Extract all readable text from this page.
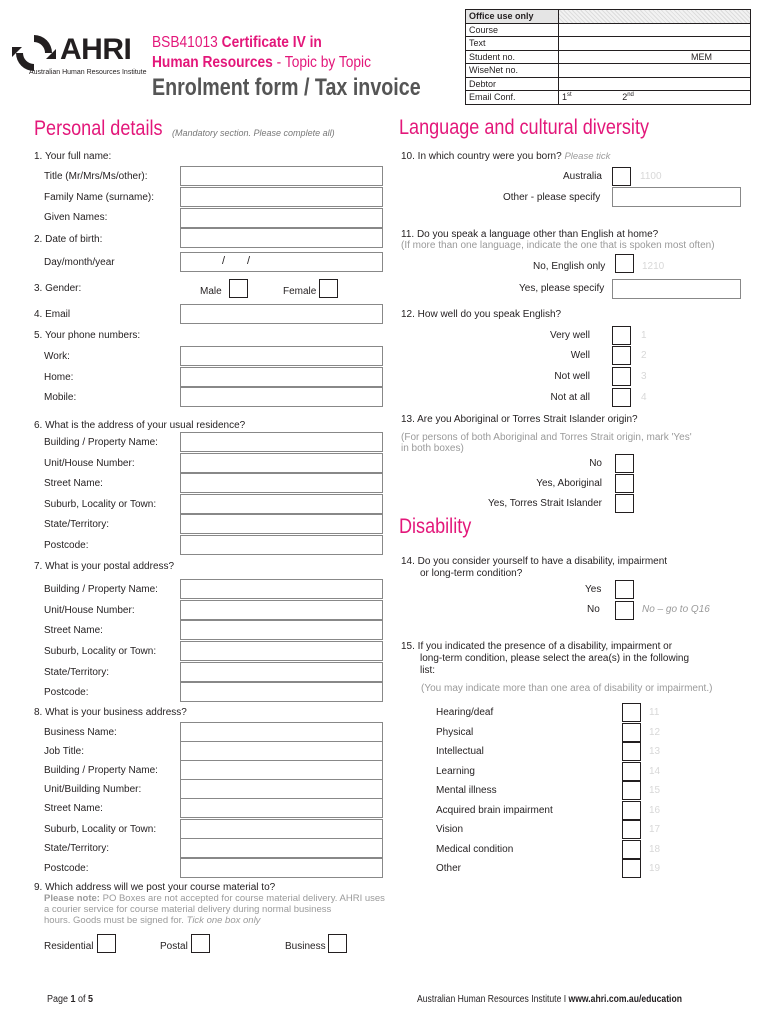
AHRI
Australian Human Resources Institute
BSB41013 Certificate IV in
Human Resources - Topic by Topic
Enrolment form / Tax invoice
Office use only	
Course	
Text	
Student no.	MEM
WiseNet no.	
Debtor	
Email Conf.	1st 2nd
Personal details (Mandatory section. Please complete all)
1. Your full name:
Title (Mr/Mrs/Ms/other):
Family Name (surname):
Given Names:
2. Date of birth:
Day/month/year	/ /
3. Gender:	Male	Female
4. Email
5. Your phone numbers:
Work:
Home:
Mobile:
6. What is the address of your usual residence?
7. What is your postal address?
8. What is your business address?
9. Which address will we post your course material to?
Please note: PO Boxes are not accepted for course material delivery. AHRI uses
a courier service for course material delivery during normal business
hours. Goods must be signed for. Tick one box only
Residential	Postal	Business
Language and cultural diversity
10. In which country were you born? Please tick
Australia	1100
Other - please specify
11. Do you speak a language other than English at home?
(If more than one language, indicate the one that is spoken most often)
No, English only	1210
Yes, please specify
12. How well do you speak English?
13. Are you Aboriginal or Torres Strait Islander origin?
(For persons of both Aboriginal and Torres Strait origin, mark 'Yes'
in both boxes)
Disability
14. Do you consider yourself to have a disability, impairment
or long-term condition?
Yes
No	No – go to Q16
15. If you indicated the presence of a disability, impairment or
long-term condition, please select the area(s) in the following
list:
(You may indicate more than one area of disability or impairment.)
Page 1 of 5	Australian Human Resources Institute I www.ahri.com.au/education
Building / Property Name:
Unit/House Number:
Street Name:
Suburb, Locality or Town:
State/Territory:
Postcode:
Building / Property Name:
Unit/House Number:
Street Name:
Suburb, Locality or Town:
State/Territory:
Postcode:
Business Name:
Job Title:
Building / Property Name:
Unit/Building Number:
Street Name:
Suburb, Locality or Town:
State/Territory:
Postcode:
Very well	1
Well	2
Not well	3
Not at all	4
No
Yes, Aboriginal
Yes, Torres Strait Islander
Hearing/deaf	11
Physical	12
Intellectual	13
Learning	14
Mental illness	15
Acquired brain impairment	16
Vision	17
Medical condition	18
Other	19
